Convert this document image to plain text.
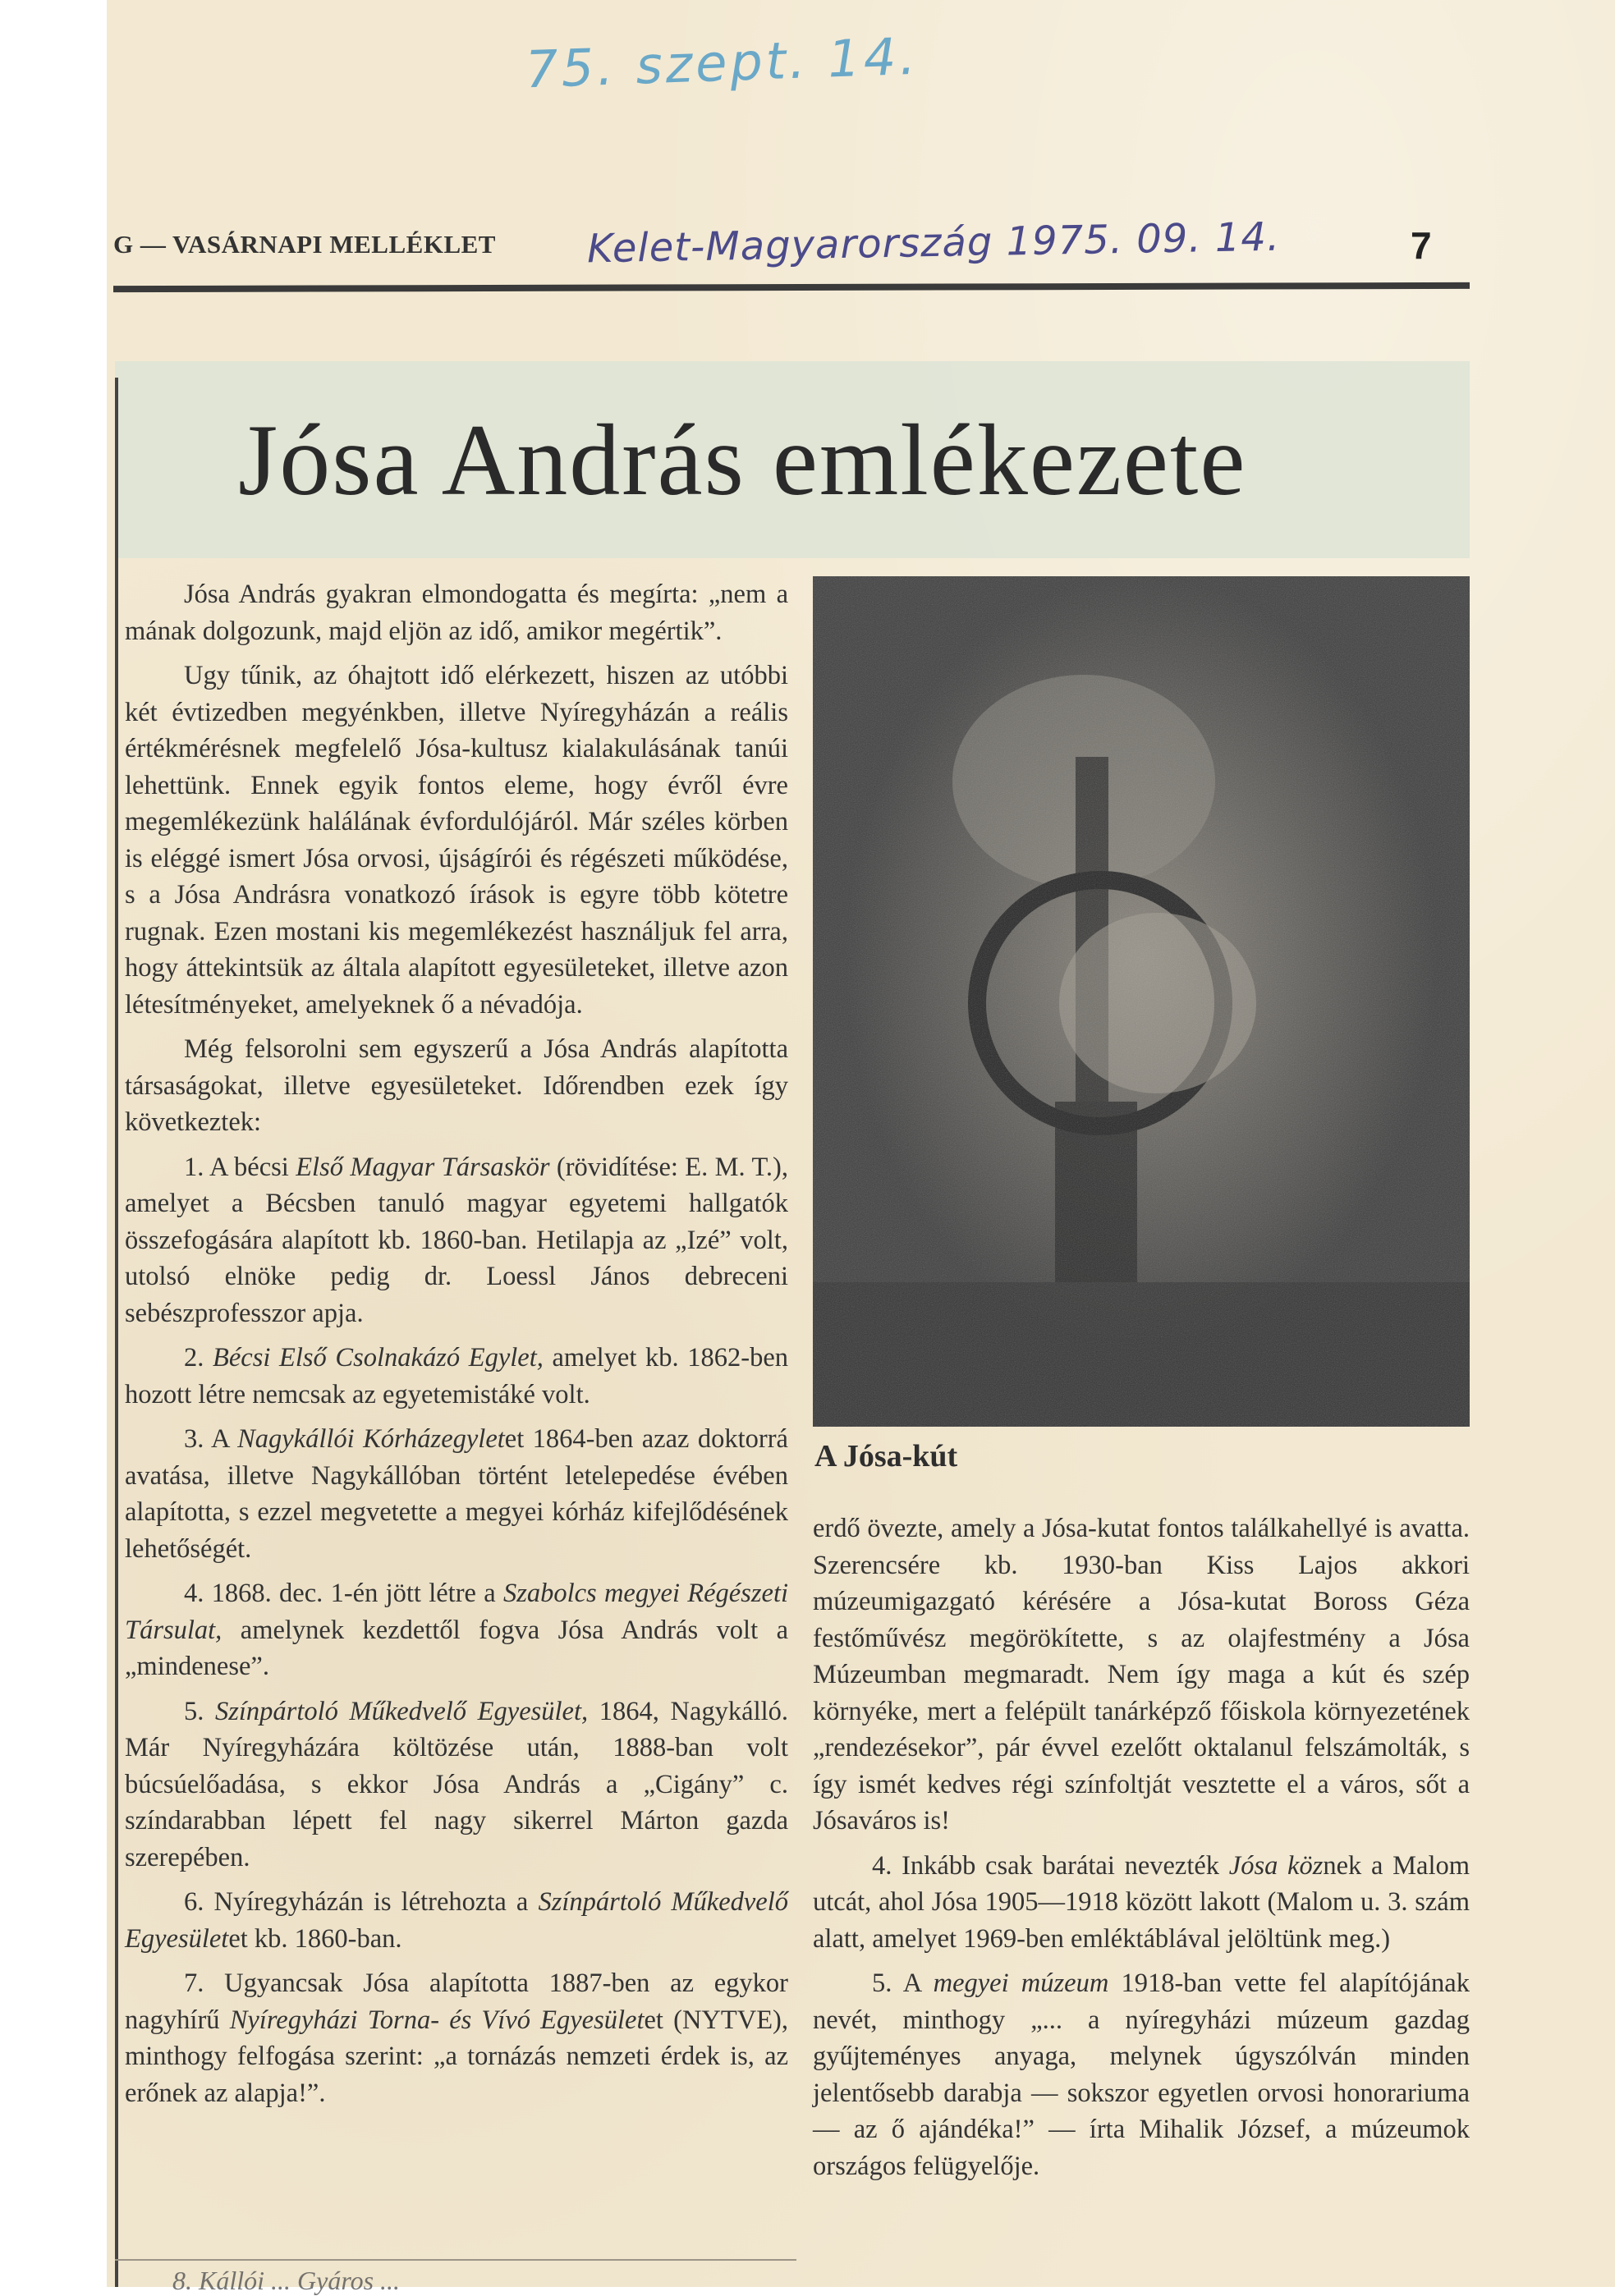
75. szept. 14.
G — VASÁRNAPI MELLÉKLET Kelet-Magyarország 1975. 09. 14.	7
Jósa András emlékezete

Jósa András gyakran elmondogatta és megírta: „nem a mának dolgozunk, majd eljön az idő, amikor megértik”.

Ugy tűnik, az óhajtott idő elérkezett, hiszen az utóbbi két évtizedben megyénkben, illetve Nyíregyházán a reális értékmérésnek megfelelő Jósa-kultusz kialakulásának tanúi lehettünk. Ennek egyik fontos eleme, hogy évről évre megemlékezünk halálának évfordulójáról. Már széles körben is eléggé ismert Jósa orvosi, újságírói és régészeti működése, s a Jósa Andrásra vonatkozó írások is egyre több kötetre rugnak. Ezen mostani kis megemlékezést használjuk fel arra, hogy áttekintsük az általa alapított egyesületeket, illetve azon létesítményeket, amelyeknek ő a névadója.

Még felsorolni sem egyszerű a Jósa András alapította társaságokat, illetve egyesületeket. Időrendben ezek így következtek:

1. A bécsi Első Magyar Társaskör (rövidítése: E. M. T.), amelyet a Bécsben tanuló magyar egyetemi hallgatók összefogására alapított kb. 1860-ban. Hetilapja az „Izé” volt, utolsó elnöke pedig dr. Loessl János debreceni sebészprofesszor apja.

2. Bécsi Első Csolnakázó Egylet, amelyet kb. 1862-ben hozott létre nemcsak az egyetemistáké volt.

3. A Nagykállói Kórházegyletet 1864-ben azaz doktorrá avatása, illetve Nagykállóban történt letelepedése évében alapította, s ezzel megvetette a megyei kórház kifejlődésének lehetőségét.

4. 1868. dec. 1-én jött létre a Szabolcs megyei Régészeti Társulat, amelynek kezdettől fogva Jósa András volt a „mindenese”.

5. Színpártoló Műkedvelő Egyesület, 1864, Nagykálló. Már Nyíregyházára költözése után, 1888-ban volt búcsúelőadása, s ekkor Jósa András a „Cigány” c. színdarabban lépett fel nagy sikerrel Márton gazda szerepében.

6. Nyíregyházán is létrehozta a Színpártoló Műkedvelő Egyesületet kb. 1860-ban.

7. Ugyancsak Jósa alapította 1887-ben az egykor nagyhírű Nyíregyházi Torna- és Vívó Egyesületet (NYTVE), minthogy felfogása szerint: „a tornázás nemzeti érdek is, az erőnek az alapja!”.

A Jósa-kút

erdő övezte, amely a Jósa-kutat fontos találkahellyé is avatta. Szerencsére kb. 1930-ban Kiss Lajos akkori múzeumigazgató kérésére a Jósa-kutat Boross Géza festőművész megörökítette, s az olajfestmény a Jósa Múzeumban megmaradt. Nem így maga a kút és szép környéke, mert a felépült tanárképző főiskola környezetének „rendezésekor”, pár évvel ezelőtt oktalanul felszámolták, s így ismét kedves régi színfoltját vesztette el a város, sőt a Jósaváros is!

4. Inkább csak barátai nevezték Jósa köznek a Malom utcát, ahol Jósa 1905—1918 között lakott (Malom u. 3. szám alatt, amelyet 1969-ben emléktáblával jelöltünk meg.)

5. A megyei múzeum 1918-ban vette fel alapítójának nevét, minthogy „... a nyíregyházi múzeum gazdag gyűjteményes anyaga, melynek úgyszólván minden jelentősebb darabja — sokszor egyetlen orvosi honorariuma — az ő ajándéka!” — írta Mihalik József, a múzeumok országos felügyelője.

8. Kállói ... Gyáros ...
